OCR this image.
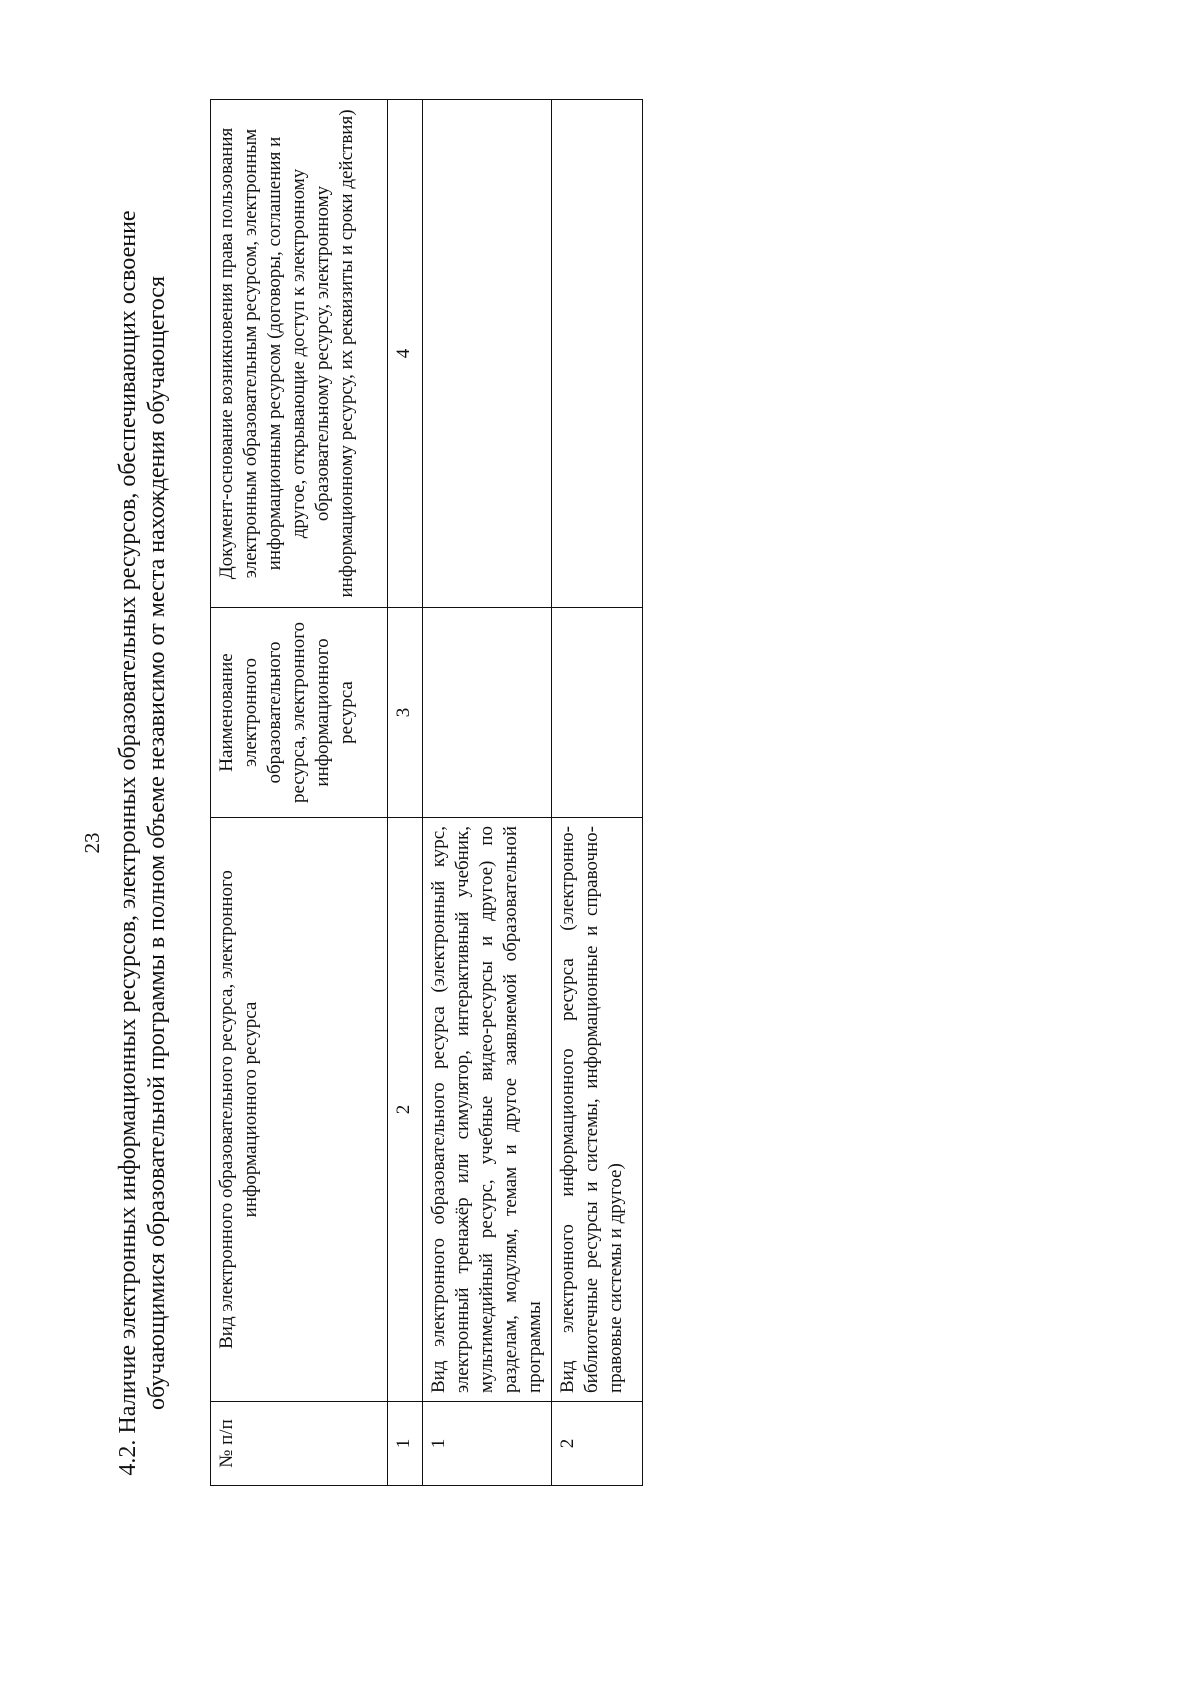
23 4.2. Наличие электронных информационных ресурсов, электронных образовательных ресурсов, обеспечивающих освоение обучающимися образовательной программы в полном объеме независимо от места нахождения обучающегося
№ п/п	Вид электронного образовательного ресурса, электронного информационного ресурса	Наименование электронного образовательного ресурса, электронного информационного ресурса	Документ-основание возникновения права пользования электронным образовательным ресурсом, электронным информационным ресурсом (договоры, соглашения и другое, открывающие доступ к электронному образовательному ресурсу, электронному информационному ресурсу, их реквизиты и сроки действия)
1	2	3	4
1	Вид электронного образовательного ресурса (электронный курс, электронный тренажёр или симулятор, интерактивный учебник, мультимедийный ресурс, учебные видео-ресурсы и другое) по разделам, модулям, темам и другое заявляемой образовательной программы		
2	Вид электронного информационного ресурса (электронно-библиотечные ресурсы и системы, информационные и справочно-правовые системы и другое)		
